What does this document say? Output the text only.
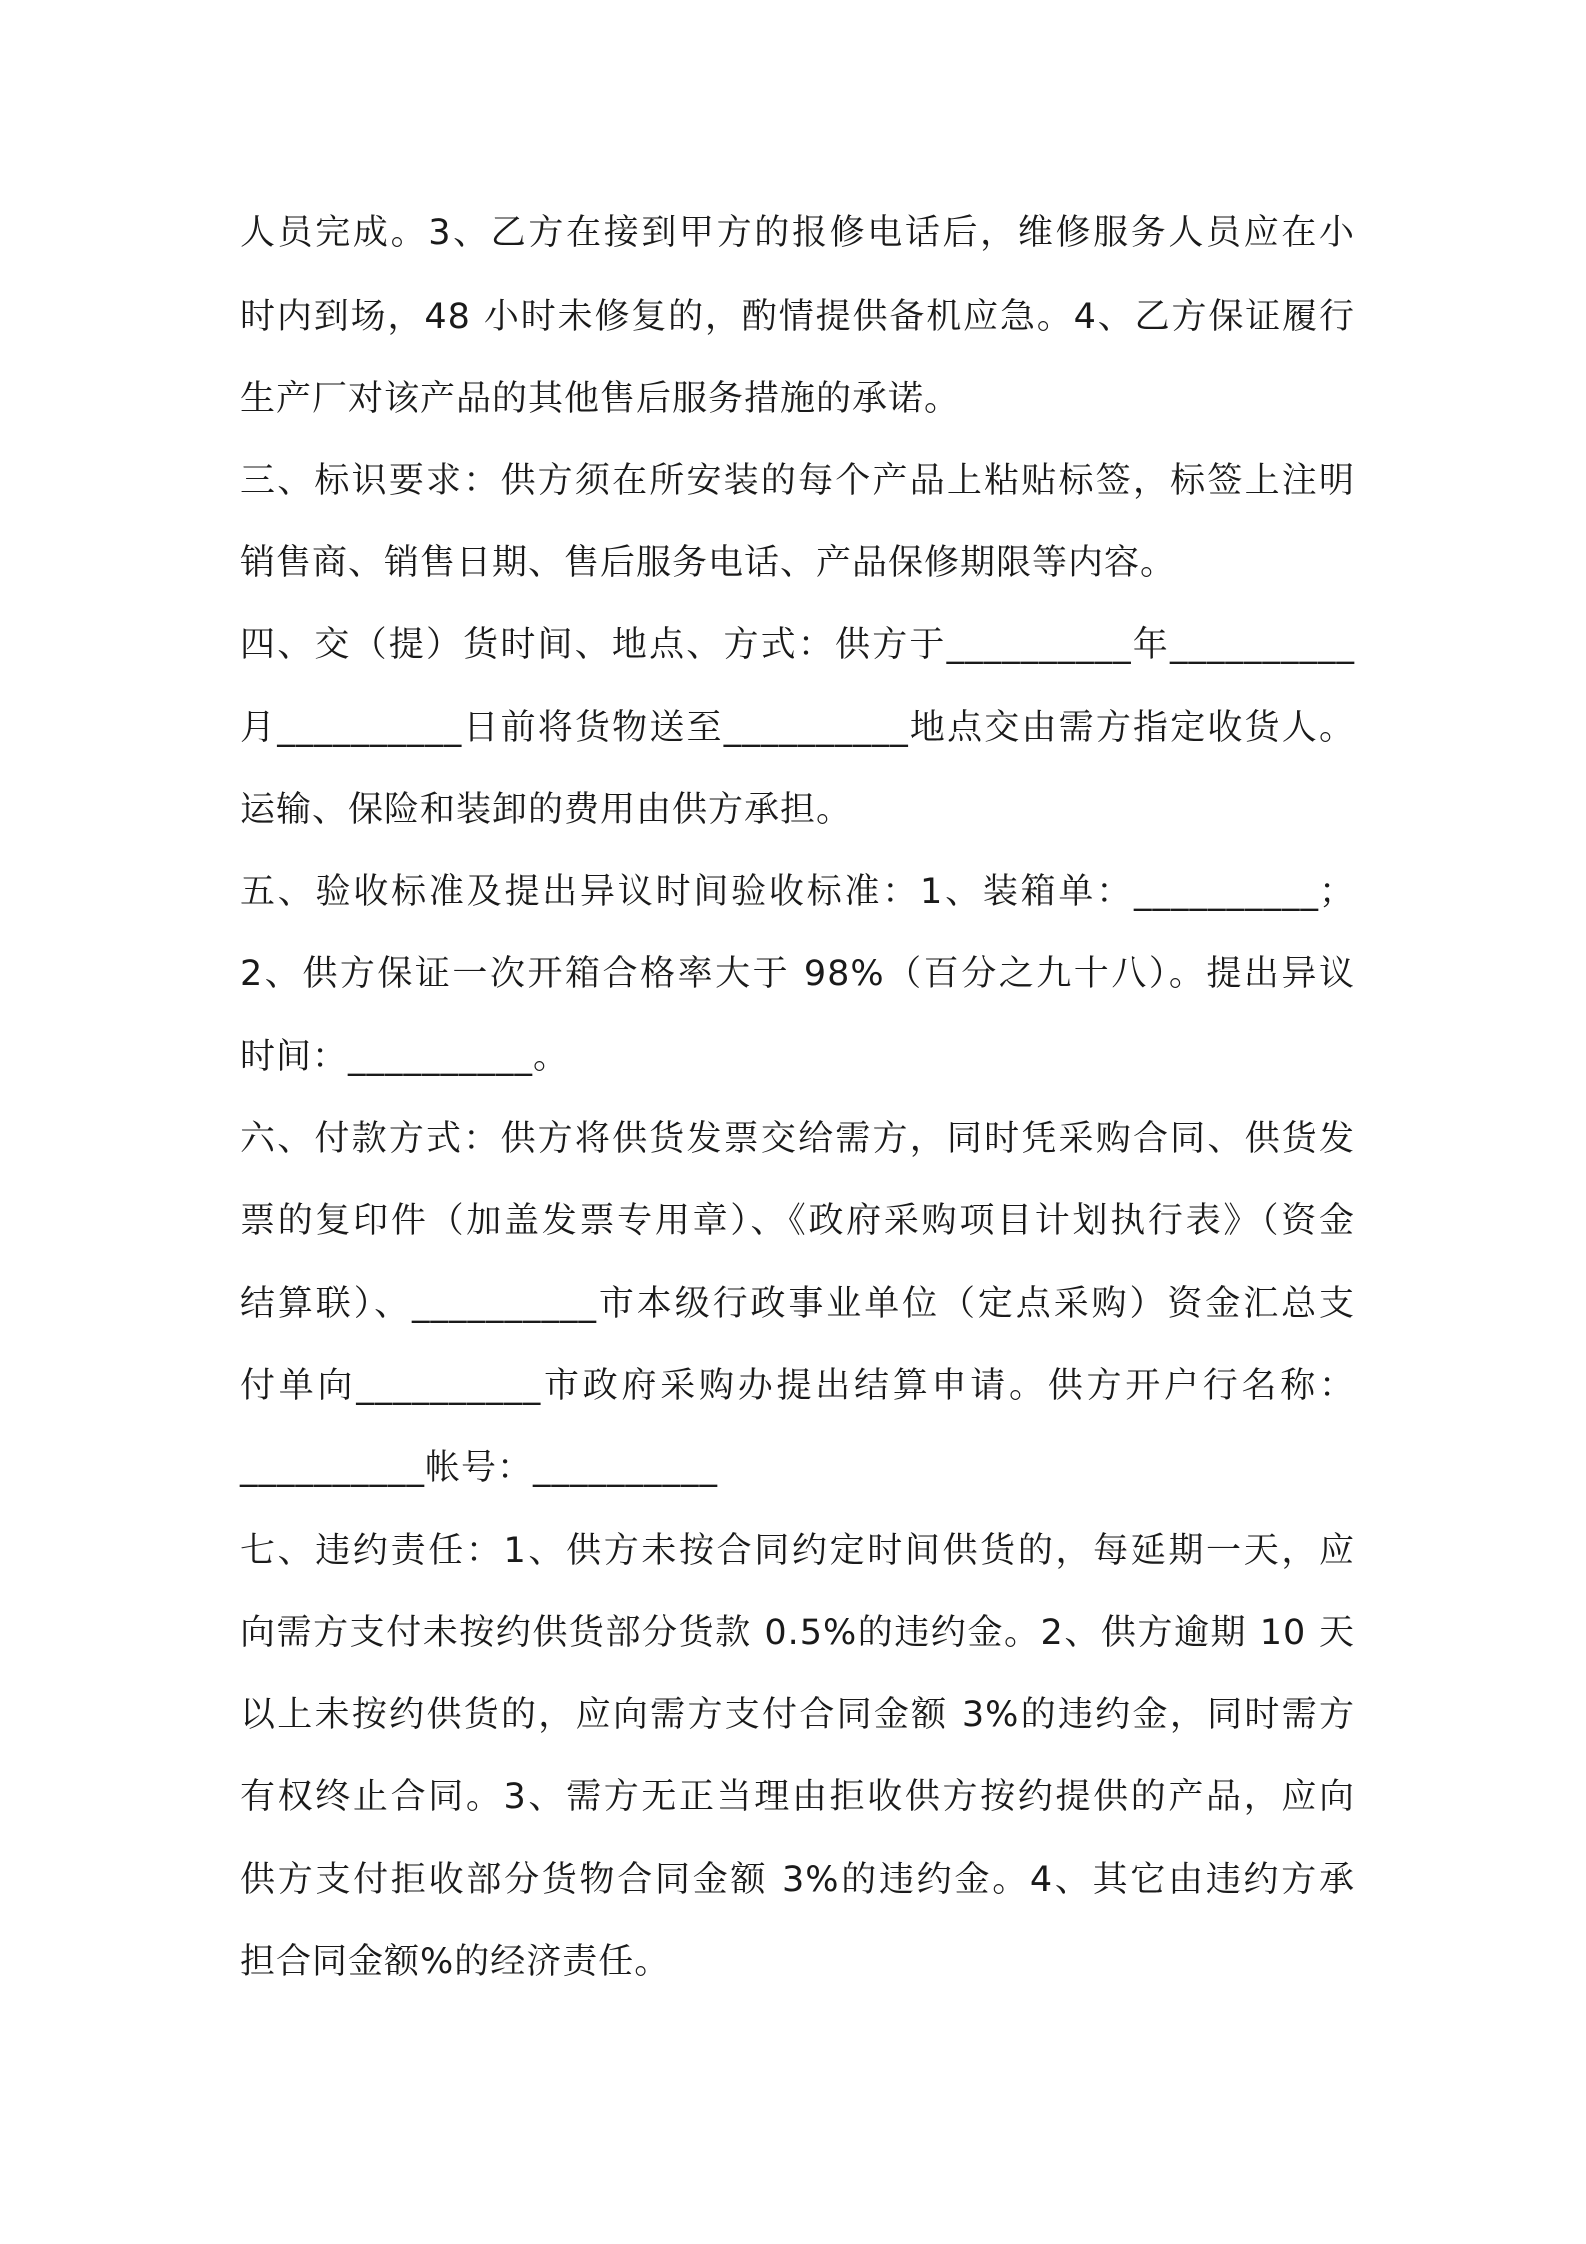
人员完成。3、乙方在接到甲方的报修电话后，维修服务人员应在小
时内到场，48 小时未修复的，酌情提供备机应急。4、乙方保证履行
生产厂对该产品的其他售后服务措施的承诺。
三、标识要求：供方须在所安装的每个产品上粘贴标签，标签上注明
销售商、销售日期、售后服务电话、产品保修期限等内容。
四、交（提）货时间、地点、方式：供方于__________年__________
月__________日前将货物送至__________地点交由需方指定收货人。
运输、保险和装卸的费用由供方承担。
五、验收标准及提出异议时间验收标准：1、装箱单：__________；
2、供方保证一次开箱合格率大于 98%（百分之九十八）。提出异议
时间：__________。
六、付款方式：供方将供货发票交给需方，同时凭采购合同、供货发
票的复印件（加盖发票专用章）、《政府采购项目计划执行表》（资金
结算联）、__________市本级行政事业单位（定点采购）资金汇总支
付单向__________市政府采购办提出结算申请。供方开户行名称：
__________帐号：__________
七、违约责任：1、供方未按合同约定时间供货的，每延期一天，应
向需方支付未按约供货部分货款 0.5%的违约金。2、供方逾期 10 天
以上未按约供货的，应向需方支付合同金额 3%的违约金，同时需方
有权终止合同。3、需方无正当理由拒收供方按约提供的产品，应向
供方支付拒收部分货物合同金额 3%的违约金。4、其它由违约方承
担合同金额%的经济责任。
